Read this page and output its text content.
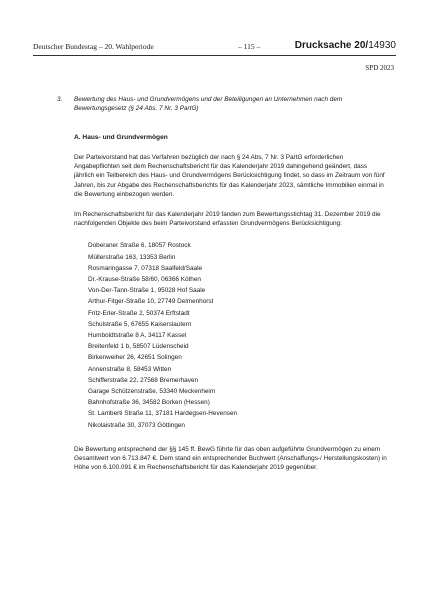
Deutscher Bundestag – 20. Wahlperiode	– 115 –	Drucksache 20/14930
SPD 2023
3.	Bewertung des Haus- und Grundvermögens und der Beteiligungen an Unternehmen nach dem Bewertungsgesetz (§ 24 Abs. 7 Nr. 3 PartG)
A. Haus- und Grundvermögen

Der Parteivorstand hat das Verfahren bezüglich der nach § 24 Abs. 7 Nr. 3 PartG erforderlichen Angabepflichten seit dem Rechenschaftsbericht für das Kalenderjahr 2019 dahingehend geändert, dass jährlich ein Teilbereich des Haus- und Grundvermögens Berücksichtigung findet, so dass im Zeitraum von fünf Jahren, bis zur Abgabe des Rechenschaftsberichts für das Kalenderjahr 2023, sämtliche Immobilien einmal in die Bewertung einbezogen werden.

Im Rechenschaftsbericht für das Kalenderjahr 2019 fanden zum Bewertungsstichtag 31. Dezember 2019 die nachfolgenden Objekte des beim Parteivorstand erfassten Grundvermögens Berücksichtigung:

Doberaner Straße 6, 18057 Rostock
Müllerstraße 163, 13353 Berlin
Rosmaringasse 7, 07318 Saalfeld/Saale
Dr.-Krause-Straße 58/60, 06366 Köthen
Von-Der-Tann-Straße 1, 95028 Hof Saale
Arthur-Fitger-Straße 10, 27749 Delmenhorst
Fritz-Erler-Straße 2, 50374 Erftstadt
Schulstraße 5, 67655 Kaiserslautern
Humboldtstraße 8 A, 34117 Kassel
Breitenfeld 1 b, 58507 Lüdenscheid
Birkenweiher 26, 42651 Solingen
Annenstraße 8, 58453 Witten
Schifferstraße 22, 27568 Bremerhaven
Garage Schützenstraße, 53340 Meckenheim
Bahnhofstraße 36, 34582 Borken (Hessen)
St. Lamberti Straße 11, 37181 Hardegsen-Hevensen
Nikolaistraße 30, 37073 Göttingen

Die Bewertung entsprechend der §§ 145 ff. BewG führte für das oben aufgeführte Grundvermögen zu einem Gesamtwert von 6.713.847 €. Dem stand ein entsprechender Buchwert (Anschaffungs-/ Herstellungskosten) in Höhe von 6.100.091 € im Rechenschaftsbericht für das Kalenderjahr 2019 gegenüber.
